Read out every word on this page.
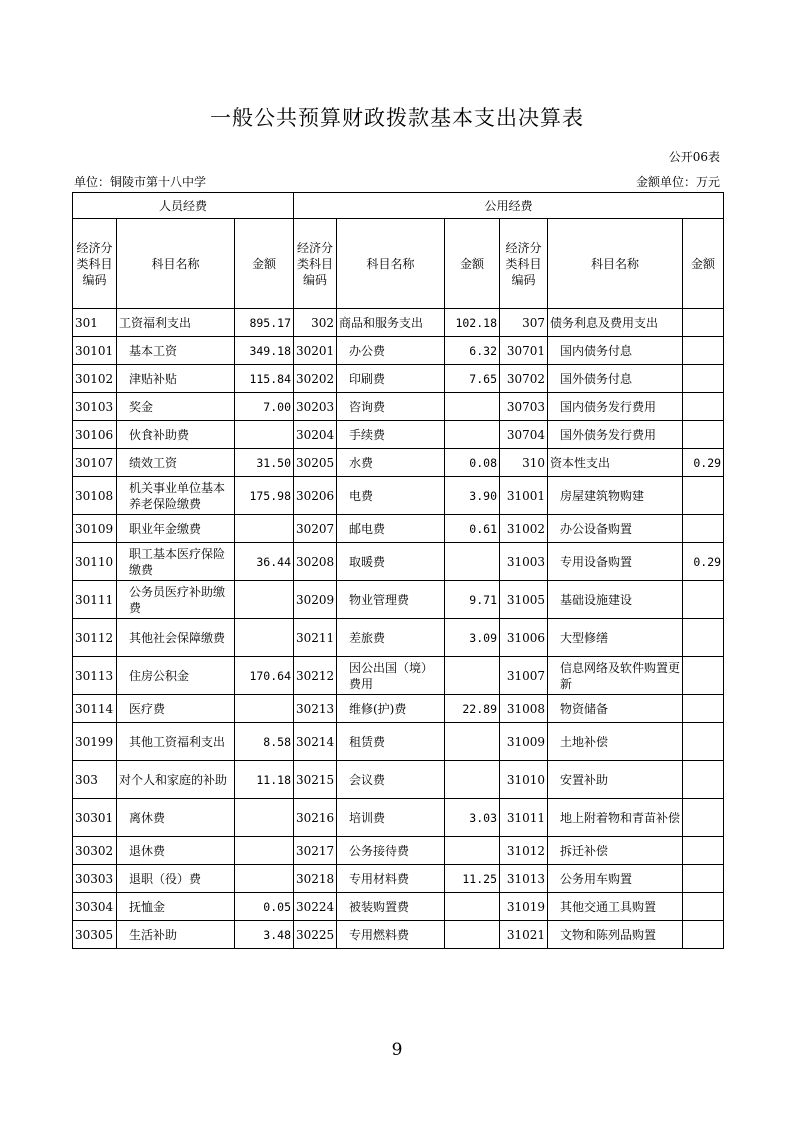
一般公共预算财政拨款基本支出决算表
公开06表
单位：铜陵市第十八中学	金额单位：万元
人员经费			公用经费					
经济分类科目编码	科目名称	金额	经济分类科目编码	科目名称	金额	经济分类科目编码	科目名称	金额
301	工资福利支出	895.17	302	商品和服务支出	102.18	307	债务利息及费用支出	
30101	基本工资	349.18	30201	办公费	6.32	30701	国内债务付息	
30102	津贴补贴	115.84	30202	印刷费	7.65	30702	国外债务付息	
30103	奖金	7.00	30203	咨询费		30703	国内债务发行费用	
30106	伙食补助费		30204	手续费		30704	国外债务发行费用	
30107	绩效工资	31.50	30205	水费	0.08	310	资本性支出	0.29
30108	机关事业单位基本养老保险缴费	175.98	30206	电费	3.90	31001	房屋建筑物购建	
30109	职业年金缴费		30207	邮电费	0.61	31002	办公设备购置	
30110	职工基本医疗保险缴费	36.44	30208	取暖费		31003	专用设备购置	0.29
30111	公务员医疗补助缴费		30209	物业管理费	9.71	31005	基础设施建设	
30112	其他社会保障缴费		30211	差旅费	3.09	31006	大型修缮	
30113	住房公积金	170.64	30212	因公出国（境）费用		31007	信息网络及软件购置更新	
30114	医疗费		30213	维修(护)费	22.89	31008	物资储备	
30199	其他工资福利支出	8.58	30214	租赁费		31009	土地补偿	
303	对个人和家庭的补助	11.18	30215	会议费		31010	安置补助	
30301	离休费		30216	培训费	3.03	31011	地上附着物和青苗补偿	
30302	退休费		30217	公务接待费		31012	拆迁补偿	
30303	退职（役）费		30218	专用材料费	11.25	31013	公务用车购置	
30304	抚恤金	0.05	30224	被装购置费		31019	其他交通工具购置	
30305	生活补助	3.48	30225	专用燃料费		31021	文物和陈列品购置	
9
